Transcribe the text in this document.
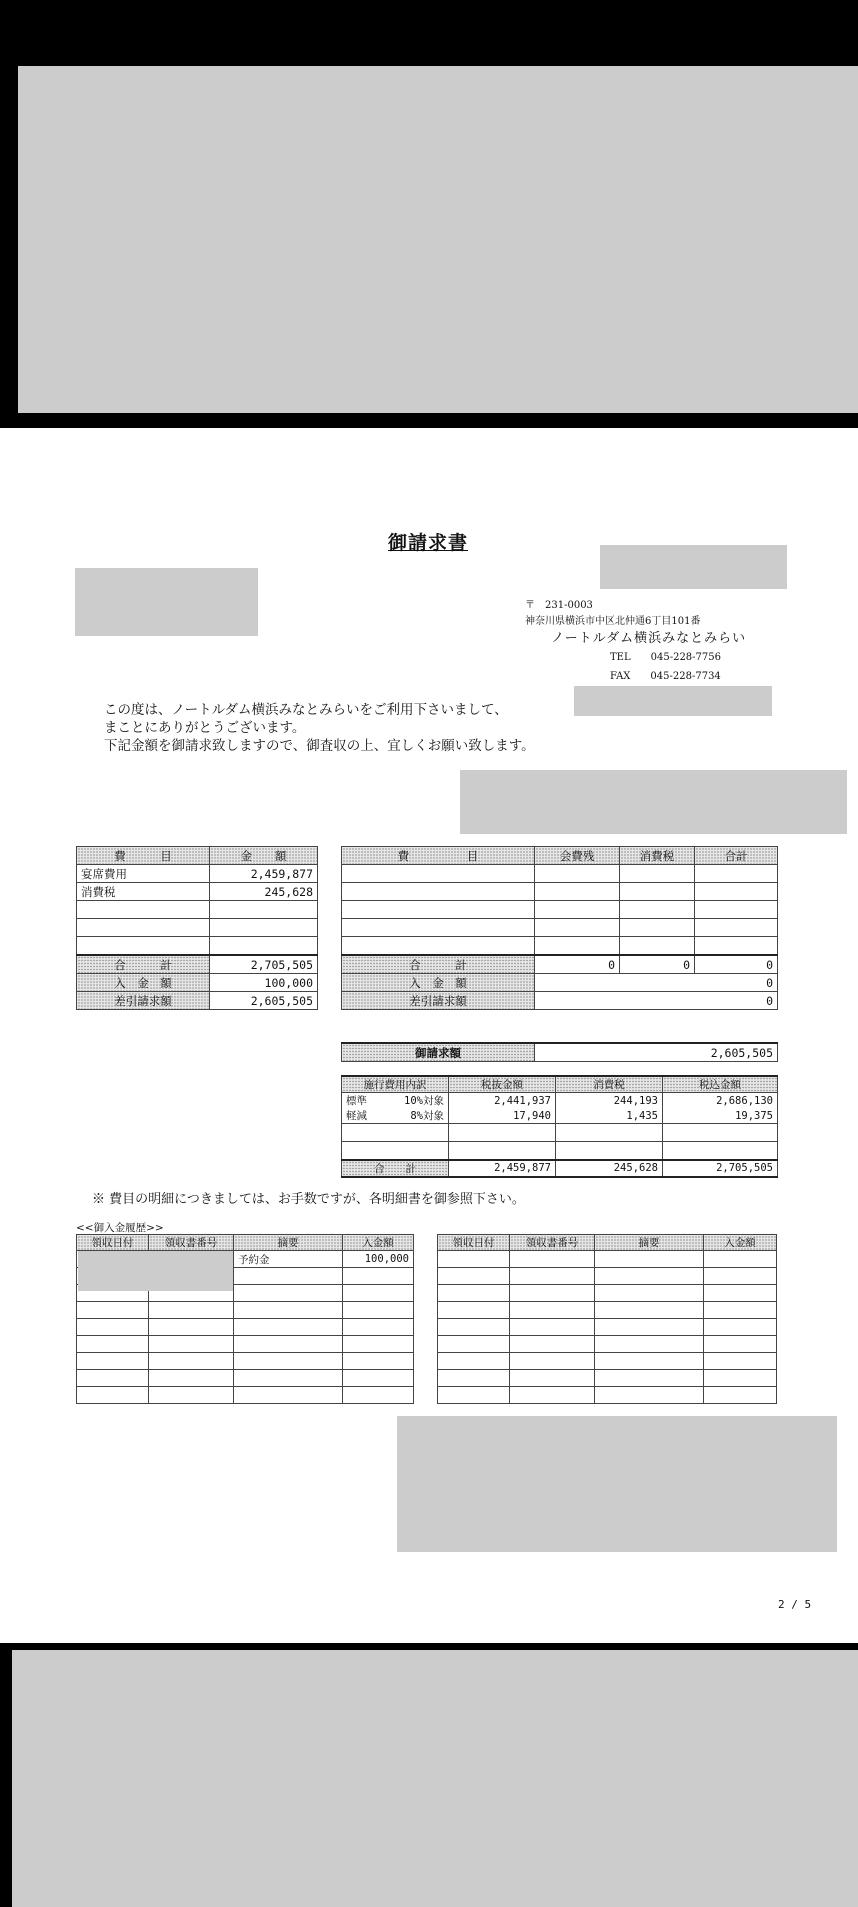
御請求書
〒　231-0003
神奈川県横浜市中区北仲通6丁目101番
ノートルダム横浜みなとみらい
TEL　　045-228-7756
FAX　　045-228-7734
この度は、ノートルダム横浜みなとみらいをご利用下さいまして、
まことにありがとうございます。
下記金額を御請求致しますので、御査収の上、宜しくお願い致します。
費　　　目	金　　額
宴席費用	2,459,877
消費税	245,628

合　　　計	2,705,505
入　金　額	100,000
差引請求額	2,605,505
費　　　　　目	会費残	消費税	合計

合　　　計	0	0	0
入　金　額	0		
差引請求額	0		
御請求額	2,605,505
施行費用内訳	税抜金額	消費税	税込金額
標準 10%対象	2,441,937	244,193	2,686,130
軽減 8%対象	17,940	1,435	19,375

合　　計	2,459,877	245,628	2,705,505
※ 費目の明細につきましては、お手数ですが、各明細書を御参照下さい。
<<御入金履歴>>
領収日付	領収書番号	摘要	入金額
		予約金	100,000

領収日付	領収書番号	摘要	入金額

2 / 5
